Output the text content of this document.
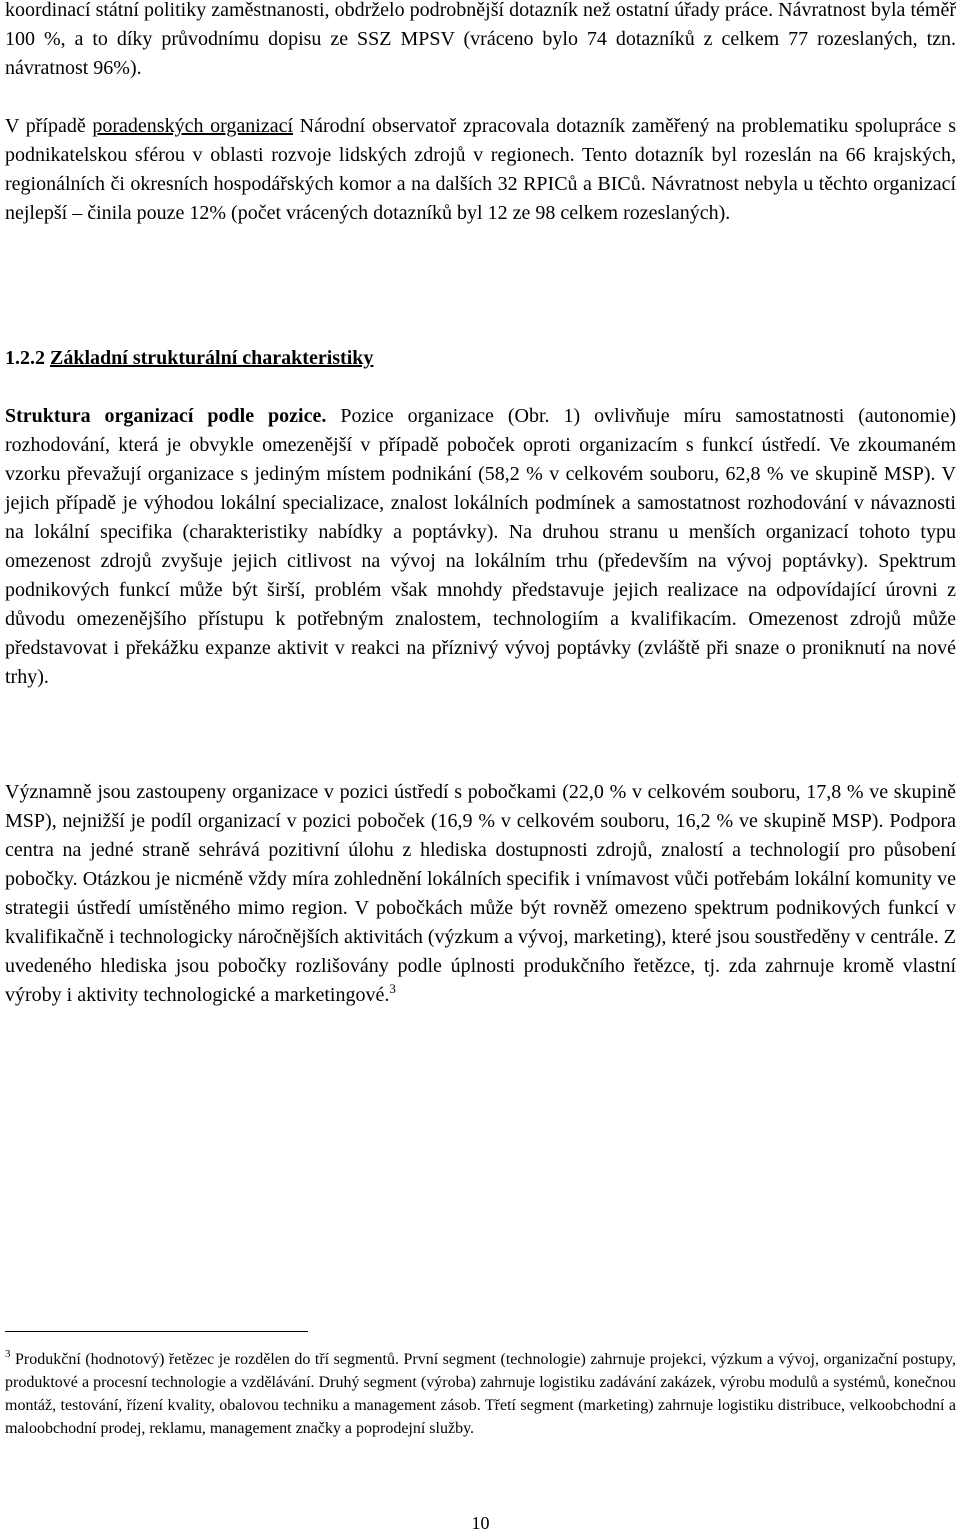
koordinací státní politiky zaměstnanosti, obdrželo podrobnější dotazník než ostatní úřady práce. Návratnost byla téměř 100 %, a to díky průvodnímu dopisu ze SSZ MPSV (vráceno bylo 74 dotazníků z celkem 77 rozeslaných, tzn. návratnost 96%).

V případě poradenských organizací Národní observatoř zpracovala dotazník zaměřený na problematiku spolupráce s podnikatelskou sférou v oblasti rozvoje lidských zdrojů v regionech. Tento dotazník byl rozeslán na 66 krajských, regionálních či okresních hospodářských komor a na dalších 32 RPICů a BICů. Návratnost nebyla u těchto organizací nejlepší – činila pouze 12% (počet vrácených dotazníků byl 12 ze 98 celkem rozeslaných).

1.2.2 Základní strukturální charakteristiky

Struktura organizací podle pozice. Pozice organizace (Obr. 1) ovlivňuje míru samostatnosti (autonomie) rozhodování, která je obvykle omezenější v případě poboček oproti organizacím s funkcí ústředí. Ve zkoumaném vzorku převažují organizace s jediným místem podnikání (58,2 % v celkovém souboru, 62,8 % ve skupině MSP). V jejich případě je výhodou lokální specializace, znalost lokálních podmínek a samostatnost rozhodování v návaznosti na lokální specifika (charakteristiky nabídky a poptávky). Na druhou stranu u menších organizací tohoto typu omezenost zdrojů zvyšuje jejich citlivost na vývoj na lokálním trhu (především na vývoj poptávky). Spektrum podnikových funkcí může být širší, problém však mnohdy představuje jejich realizace na odpovídající úrovni z důvodu omezenějšího přístupu k potřebným znalostem, technologiím a kvalifikacím. Omezenost zdrojů může představovat i překážku expanze aktivit v reakci na příznivý vývoj poptávky (zvláště při snaze o proniknutí na nové trhy).

Významně jsou zastoupeny organizace v pozici ústředí s pobočkami (22,0 % v celkovém souboru, 17,8 % ve skupině MSP), nejnižší je podíl organizací v pozici poboček (16,9 % v celkovém souboru, 16,2 % ve skupině MSP). Podpora centra na jedné straně sehrává pozitivní úlohu z hlediska dostupnosti zdrojů, znalostí a technologií pro působení pobočky. Otázkou je nicméně vždy míra zohlednění lokálních specifik i vnímavost vůči potřebám lokální komunity ve strategii ústředí umístěného mimo region. V pobočkách může být rovněž omezeno spektrum podnikových funkcí v kvalifikačně i technologicky náročnějších aktivitách (výzkum a vývoj, marketing), které jsou soustředěny v centrále. Z uvedeného hlediska jsou pobočky rozlišovány podle úplnosti produkčního řetězce, tj. zda zahrnuje kromě vlastní výroby i aktivity technologické a marketingové.$^3$

$^3$ Produkční (hodnotový) řetězec je rozdělen do tří segmentů. První segment (technologie) zahrnuje projekci, výzkum a vývoj, organizační postupy, produktové a procesní technologie a vzdělávání. Druhý segment (výroba) zahrnuje logistiku zadávání zakázek, výrobu modulů a systémů, konečnou montáž, testování, řízení kvality, obalovou techniku a management zásob. Třetí segment (marketing) zahrnuje logistiku distribuce, velkoobchodní a maloobchodní prodej, reklamu, management značky a poprodejní služby.

10
